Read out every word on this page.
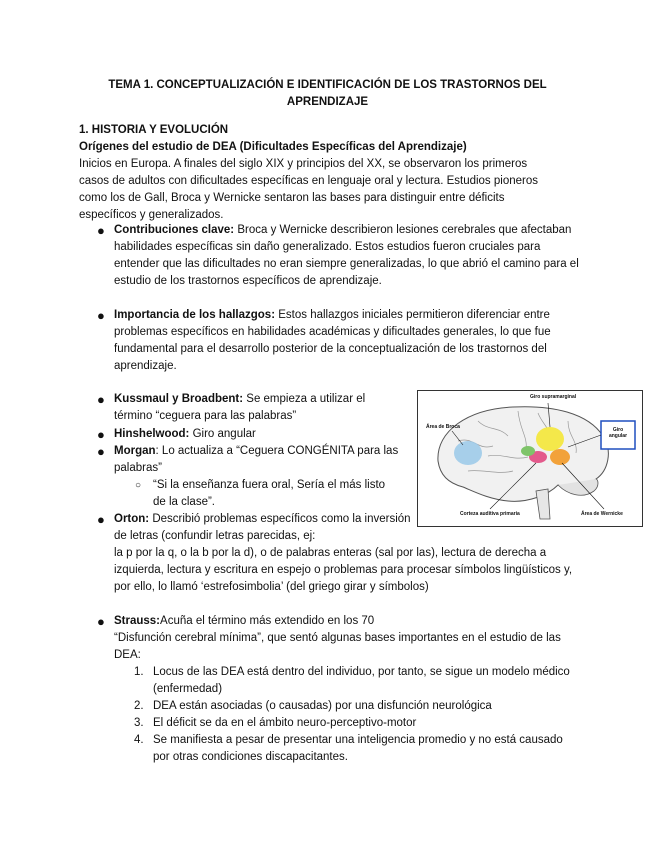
TEMA 1. CONCEPTUALIZACIÓN E IDENTIFICACIÓN DE LOS TRASTORNOS DEL APRENDIZAJE
1. HISTORIA Y EVOLUCIÓN
Orígenes del estudio de DEA (Dificultades Específicas del Aprendizaje)
Inicios en Europa. A finales del siglo XIX y principios del XX, se observaron los primeros casos de adultos con dificultades específicas en lenguaje oral y lectura. Estudios pioneros como los de Gall, Broca y Wernicke sentaron las bases para distinguir entre déficits específicos y generalizados.
● Contribuciones clave: Broca y Wernicke describieron lesiones cerebrales que afectaban habilidades específicas sin daño generalizado. Estos estudios fueron cruciales para entender que las dificultades no eran siempre generalizadas, lo que abrió el camino para el estudio de los trastornos específicos de aprendizaje.
● Importancia de los hallazgos: Estos hallazgos iniciales permitieron diferenciar entre problemas específicos en habilidades académicas y dificultades generales, lo que fue fundamental para el desarrollo posterior de la conceptualización de los trastornos del aprendizaje.
● Kussmaul y Broadbent: Se empieza a utilizar el término “ceguera para las palabras”
● Hinshelwood: Giro angular
● Morgan: Lo actualiza a “Ceguera CONGÉNITA para las palabras”
○ “Si la enseñanza fuera oral, Sería el más listo de la clase”.
● Orton: Describió problemas específicos como la inversión de letras (confundir letras parecidas, ej:
la p por la q, o la b por la d), o de palabras enteras (sal por las), lectura de derecha a izquierda, lectura y escritura en espejo o problemas para procesar símbolos lingüísticos y, por ello, lo llamó ‘estrefosimbolia’ (del griego girar y símbolos)
● Strauss:Acuña el término más extendido en los 70
“Disfunción cerebral mínima”, que sentó algunas bases importantes en el estudio de las DEA:
1. Locus de las DEA está dentro del individuo, por tanto, se sigue un modelo médico (enfermedad)
2. DEA están asociadas (o causadas) por una disfunción neurológica
3. El déficit se da en el ámbito neuro-perceptivo-motor
4. Se manifiesta a pesar de presentar una inteligencia promedio y no está causado por otras condiciones discapacitantes.
Giro supramarginal
Área de Broca	Giro angular
Corteza auditiva primaria	Área de Wernicke
